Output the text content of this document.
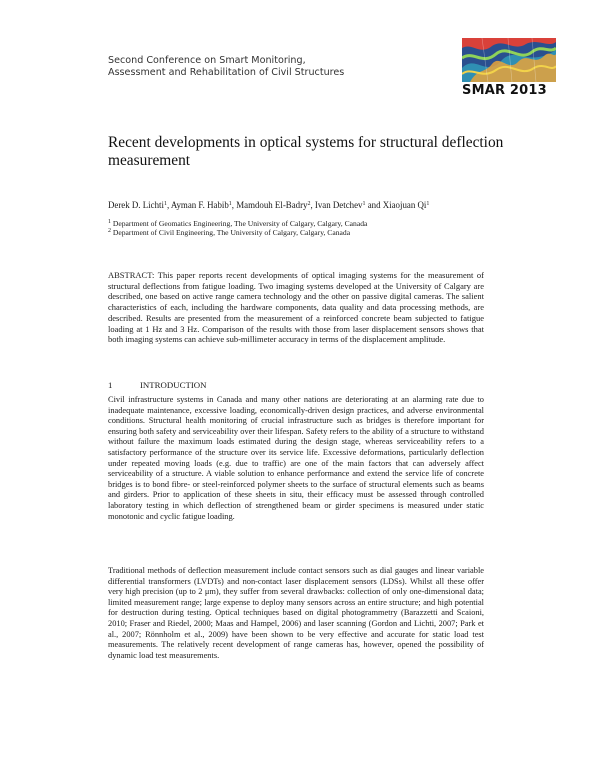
Second Conference on Smart Monitoring,
Assessment and Rehabilitation of Civil Structures
SMAR 2013
Recent developments in optical systems for structural deflection measurement
Derek D. Lichti$^1$, Ayman F. Habib$^1$, Mamdouh El-Badry$^2$, Ivan Detchev$^1$ and Xiaojuan Qi$^1$
$^1$ Department of Geomatics Engineering, The University of Calgary, Calgary, Canada
$^2$ Department of Civil Engineering, The University of Calgary, Calgary, Canada
ABSTRACT: This paper reports recent developments of optical imaging systems for the measurement of structural deflections from fatigue loading. Two imaging systems developed at the University of Calgary are described, one based on active range camera technology and the other on passive digital cameras. The salient characteristics of each, including the hardware components, data quality and data processing methods, are described. Results are presented from the measurement of a reinforced concrete beam subjected to fatigue loading at 1 Hz and 3 Hz. Comparison of the results with those from laser displacement sensors shows that both imaging systems can achieve sub-millimeter accuracy in terms of the displacement amplitude.
1	INTRODUCTION

Civil infrastructure systems in Canada and many other nations are deteriorating at an alarming rate due to inadequate maintenance, excessive loading, economically-driven design practices, and adverse environmental conditions. Structural health monitoring of crucial infrastructure such as bridges is therefore important for ensuring both safety and serviceability over their lifespan. Safety refers to the ability of a structure to withstand without failure the maximum loads estimated during the design stage, whereas serviceability refers to a satisfactory performance of the structure over its service life. Excessive deformations, particularly deflection under repeated moving loads (e.g. due to traffic) are one of the main factors that can adversely affect serviceability of a structure. A viable solution to enhance performance and extend the service life of concrete bridges is to bond fibre- or steel-reinforced polymer sheets to the surface of structural elements such as beams and girders. Prior to application of these sheets in situ, their efficacy must be assessed through controlled laboratory testing in which deflection of strengthened beam or girder specimens is measured under static monotonic and cyclic fatigue loading.

Traditional methods of deflection measurement include contact sensors such as dial gauges and linear variable differential transformers (LVDTs) and non-contact laser displacement sensors (LDSs). Whilst all these offer very high precision (up to 2 μm), they suffer from several drawbacks: collection of only one-dimensional data; limited measurement range; large expense to deploy many sensors across an entire structure; and high potential for destruction during testing. Optical techniques based on digital photogrammetry (Barazzetti and Scaioni, 2010; Fraser and Riedel, 2000; Maas and Hampel, 2006) and laser scanning (Gordon and Lichti, 2007; Park et al., 2007; Rönnholm et al., 2009) have been shown to be very effective and accurate for static load test measurements. The relatively recent development of range cameras has, however, opened the possibility of dynamic load test measurements.
